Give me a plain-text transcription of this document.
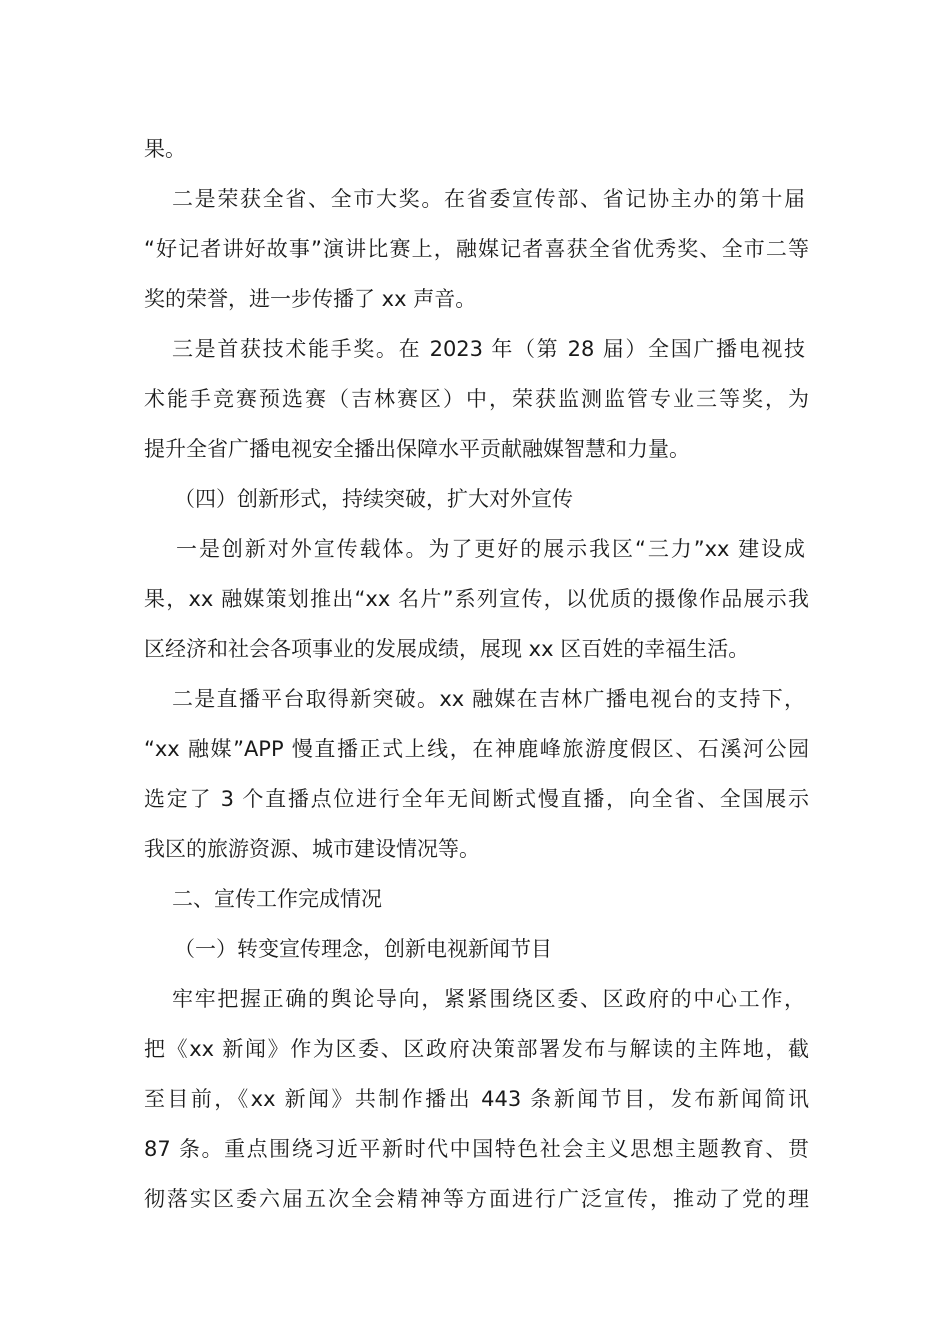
果。
二是荣获全省、全市大奖。在省委宣传部、省记协主办的第十届
“好记者讲好故事”演讲比赛上，融媒记者喜获全省优秀奖、全市二等
奖的荣誉，进一步传播了 xx 声音。
三是首获技术能手奖。在 2023 年（第 28 届）全国广播电视技
术能手竞赛预选赛（吉林赛区）中，荣获监测监管专业三等奖，为
提升全省广播电视安全播出保障水平贡献融媒智慧和力量。
（四）创新形式，持续突破，扩大对外宣传
一是创新对外宣传载体。为了更好的展示我区“三力”xx 建设成
果，xx 融媒策划推出“xx 名片”系列宣传，以优质的摄像作品展示我
区经济和社会各项事业的发展成绩，展现 xx 区百姓的幸福生活。
二是直播平台取得新突破。xx 融媒在吉林广播电视台的支持下，
“xx 融媒”APP 慢直播正式上线，在神鹿峰旅游度假区、石溪河公园
选定了 3 个直播点位进行全年无间断式慢直播，向全省、全国展示
我区的旅游资源、城市建设情况等。
二、宣传工作完成情况
（一）转变宣传理念，创新电视新闻节目
牢牢把握正确的舆论导向，紧紧围绕区委、区政府的中心工作，
把《xx 新闻》作为区委、区政府决策部署发布与解读的主阵地，截
至目前，《xx 新闻》共制作播出 443 条新闻节目，发布新闻简讯
87 条。重点围绕习近平新时代中国特色社会主义思想主题教育、贯
彻落实区委六届五次全会精神等方面进行广泛宣传，推动了党的理
